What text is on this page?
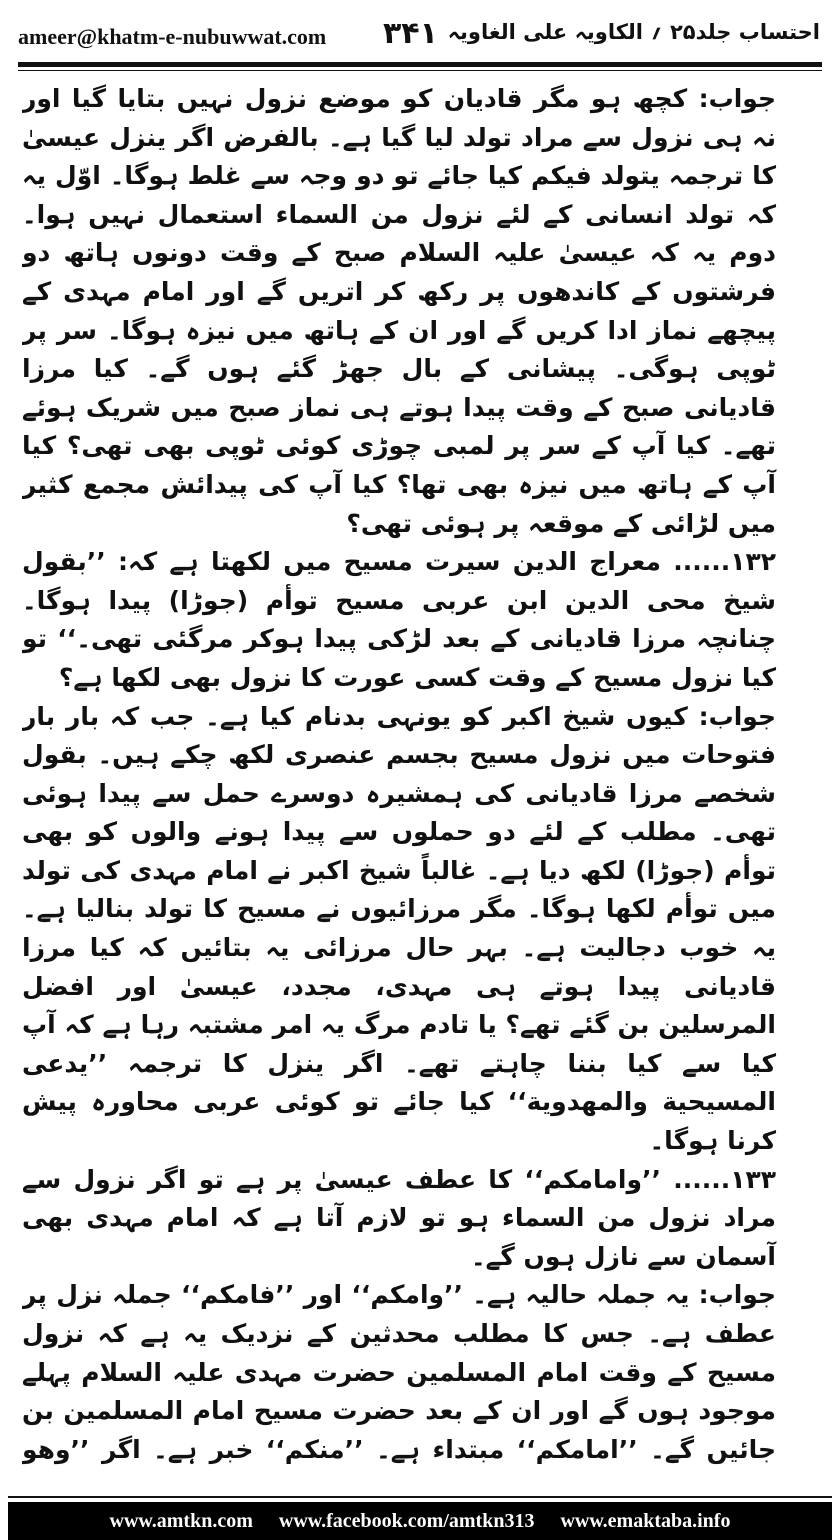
ameer@khatm-e-nubuwwat.com ۳۴۱ احتساب جلد۲۵ ؍ الکاویہ علی الغاویہ

جواب: کچھ ہو مگر قادیان کو موضع نزول نہیں بتایا گیا اور نہ ہی نزول سے مراد تولد لیا گیا ہے۔ بالفرض اگر ینزل عیسیٰ کا ترجمہ یتولد فیکم کیا جائے تو دو وجہ سے غلط ہوگا۔ اوّل یہ کہ تولد انسانی کے لئے نزول من السماء استعمال نہیں ہوا۔ دوم یہ کہ عیسیٰ علیہ السلام صبح کے وقت دونوں ہاتھ دو فرشتوں کے کاندھوں پر رکھ کر اتریں گے اور امام مہدی کے پیچھے نماز ادا کریں گے اور ان کے ہاتھ میں نیزہ ہوگا۔ سر پر ٹوپی ہوگی۔ پیشانی کے بال جھڑ گئے ہوں گے۔ کیا مرزا قادیانی صبح کے وقت پیدا ہوتے ہی نماز صبح میں شریک ہوئے تھے۔ کیا آپ کے سر پر لمبی چوڑی کوئی ٹوپی بھی تھی؟ کیا آپ کے ہاتھ میں نیزہ بھی تھا؟ کیا آپ کی پیدائش مجمع کثیر میں لڑائی کے موقعہ پر ہوئی تھی؟

۱۳۲...... معراج الدین سیرت مسیح میں لکھتا ہے کہ: ’’بقول شیخ محی الدین ابن عربی مسیح توأم (جوڑا) پیدا ہوگا۔ چنانچہ مرزا قادیانی کے بعد لڑکی پیدا ہوکر مرگئی تھی۔‘‘ تو کیا نزول مسیح کے وقت کسی عورت کا نزول بھی لکھا ہے؟

جواب: کیوں شیخ اکبر کو یونہی بدنام کیا ہے۔ جب کہ بار بار فتوحات میں نزول مسیح بجسم عنصری لکھ چکے ہیں۔ بقول شخصے مرزا قادیانی کی ہمشیرہ دوسرے حمل سے پیدا ہوئی تھی۔ مطلب کے لئے دو حملوں سے پیدا ہونے والوں کو بھی توأم (جوڑا) لکھ دیا ہے۔ غالباً شیخ اکبر نے امام مہدی کی تولد میں توأم لکھا ہوگا۔ مگر مرزائیوں نے مسیح کا تولد بنالیا ہے۔ یہ خوب دجالیت ہے۔ بہر حال مرزائی یہ بتائیں کہ کیا مرزا قادیانی پیدا ہوتے ہی مہدی، مجدد، عیسیٰ اور افضل المرسلین بن گئے تھے؟ یا تادم مرگ یہ امر مشتبہ رہا ہے کہ آپ کیا سے کیا بننا چاہتے تھے۔ اگر ینزل کا ترجمہ ’’یدعی المسیحیة والمهدویة‘‘ کیا جائے تو کوئی عربی محاورہ پیش کرنا ہوگا۔

۱۳۳...... ’’وامامکم‘‘ کا عطف عیسیٰ پر ہے تو اگر نزول سے مراد نزول من السماء ہو تو لازم آتا ہے کہ امام مہدی بھی آسمان سے نازل ہوں گے۔

جواب: یہ جملہ حالیہ ہے۔ ’’وامکم‘‘ اور ’’فامکم‘‘ جملہ نزل پر عطف ہے۔ جس کا مطلب محدثین کے نزدیک یہ ہے کہ نزول مسیح کے وقت امام المسلمین حضرت مہدی علیہ السلام پہلے موجود ہوں گے اور ان کے بعد حضرت مسیح امام المسلمین بن جائیں گے۔ ’’امامکم‘‘ مبتداء ہے۔ ’’منکم‘‘ خبر ہے۔ اگر ’’وھو

www.amtkn.com www.facebook.com/amtkn313 www.emaktaba.info
